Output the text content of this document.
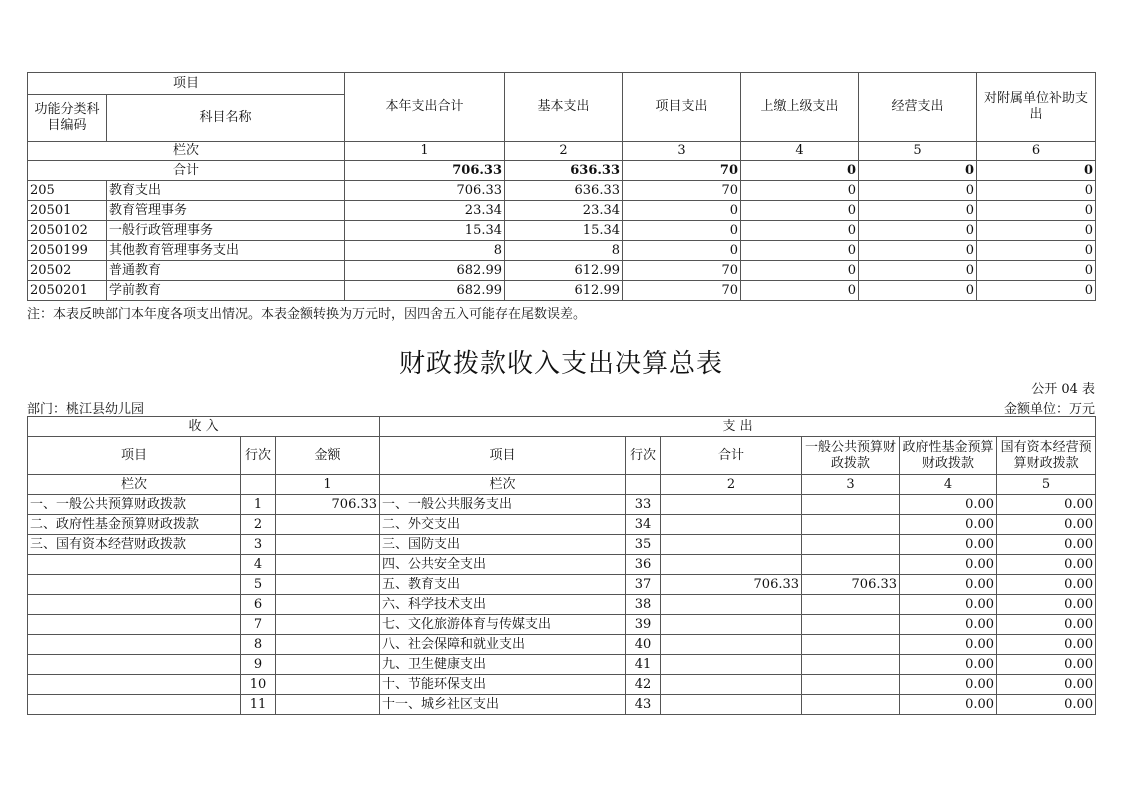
项目		本年支出合计	基本支出	项目支出	上缴上级支出	经营支出	对附属单位补助支出
功能分类科目编码	科目名称						
栏次		1	2	3	4	5	6
合计		706.33	636.33	70	0	0	0
205	教育支出	706.33	636.33	70	0	0	0
20501	教育管理事务	23.34	23.34	0	0	0	0
2050102	一般行政管理事务	15.34	15.34	0	0	0	0
2050199	其他教育管理事务支出	8	8	0	0	0	0
20502	普通教育	682.99	612.99	70	0	0	0
2050201	学前教育	682.99	612.99	70	0	0	0
注：本表反映部门本年度各项支出情况。本表金额转换为万元时，因四舍五入可能存在尾数误差。
财政拨款收入支出决算总表
公开 04 表
部门：桃江县幼儿园	金额单位：万元
收 入			支 出					
项目	行次	金额	项目	行次	合计	一般公共预算财政拨款	政府性基金预算财政拨款	国有资本经营预算财政拨款
栏次		1	栏次		2	3	4	5
一、一般公共预算财政拨款	1	706.33	一、一般公共服务支出	33			0.00	0.00
二、政府性基金预算财政拨款	2		二、外交支出	34			0.00	0.00
三、国有资本经营财政拨款	3		三、国防支出	35			0.00	0.00
	4		四、公共安全支出	36			0.00	0.00
	5		五、教育支出	37	706.33	706.33	0.00	0.00
	6		六、科学技术支出	38			0.00	0.00
	7		七、文化旅游体育与传媒支出	39			0.00	0.00
	8		八、社会保障和就业支出	40			0.00	0.00
	9		九、卫生健康支出	41			0.00	0.00
	10		十、节能环保支出	42			0.00	0.00
	11		十一、城乡社区支出	43			0.00	0.00
